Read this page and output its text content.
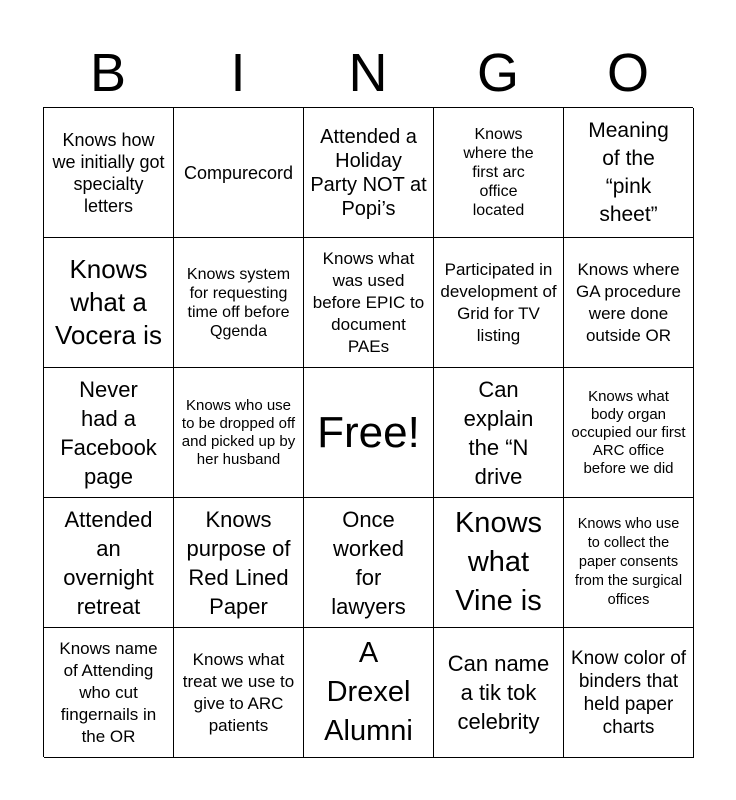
B	I	N	G	O
Knows how we initially got specialty letters
Compurecord
Attended a Holiday Party NOT at Popi’s
Knows where the first arc office located
Meaning of the “pink sheet”
Knows what a Vocera is
Knows system for requesting time off before Qgenda
Knows what was used before EPIC to document PAEs
Participated in development of Grid for TV listing
Knows where GA procedure were done outside OR
Never had a Facebook page
Knows who use to be dropped off and picked up by her husband
Free!
Can explain the “N drive
Knows what body organ occupied our first ARC office before we did
Attended an overnight retreat
Knows purpose of Red Lined Paper
Once worked for lawyers
Knows what Vine is
Knows who use to collect the paper consents from the surgical offices
Knows name of Attending who cut fingernails in the OR
Knows what treat we use to give to ARC patients
A Drexel Alumni
Can name a tik tok celebrity
Know color of binders that held paper charts
